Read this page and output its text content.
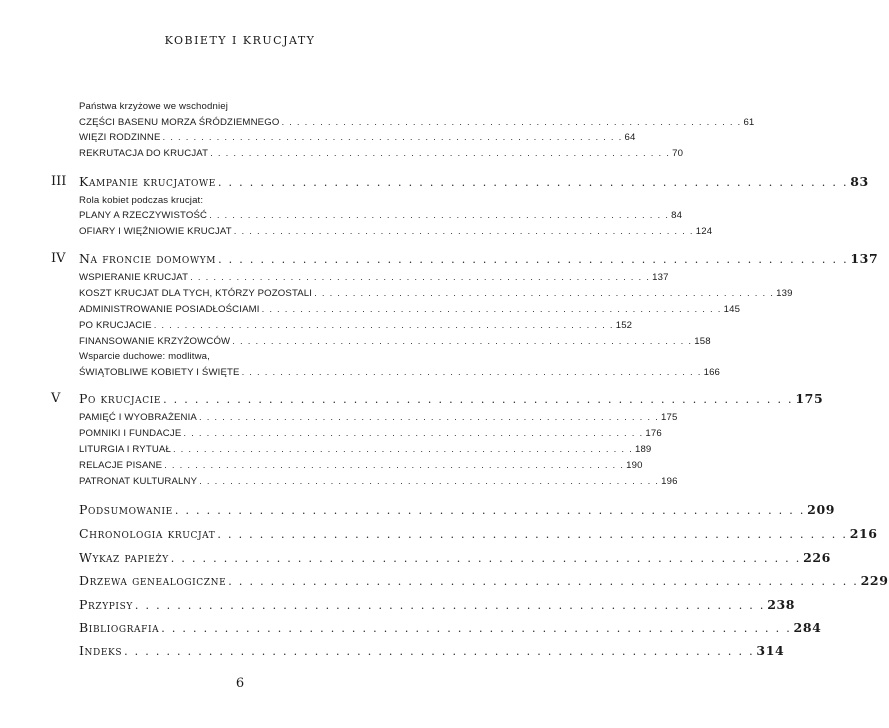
KOBIETY I KRUCJATY
Państwa krzyżowe we wschodniej
CZĘŚCI BASENU MORZA ŚRÓDZIEMNEGO . . . . . . . . . . . . . . . . . . . . . . . . . . . . . . . . . . . . . . . . . . . . . . . . . . . . . . . . . . . . 61
WIĘZI RODZINNE . . . . . . . . . . . . . . . . . . . . . . . . . . . . . . . . . . . . . . . . . . . . . . . . . . . . . . . . . . . . 64
REKRUTACJA DO KRUCJAT . . . . . . . . . . . . . . . . . . . . . . . . . . . . . . . . . . . . . . . . . . . . . . . . . . . . . . . . . . . . 70
III Kampanie krucjatowe . . . . . . . . . . . . . . . . . . . . . . . . . . . . . . . . . . . . . . . . . . . . . . . . . . . . . . . . . . . . 83
Rola kobiet podczas krucjat:
PLANY A RZECZYWISTOŚĆ . . . . . . . . . . . . . . . . . . . . . . . . . . . . . . . . . . . . . . . . . . . . . . . . . . . . . . . . . . . . 84
OFIARY I WIĘŹNIOWIE KRUCJAT . . . . . . . . . . . . . . . . . . . . . . . . . . . . . . . . . . . . . . . . . . . . . . . . . . . . . . . . . . . . 124
IV Na froncie domowym . . . . . . . . . . . . . . . . . . . . . . . . . . . . . . . . . . . . . . . . . . . . . . . . . . . . . . . . . . . . 137
WSPIERANIE KRUCJAT . . . . . . . . . . . . . . . . . . . . . . . . . . . . . . . . . . . . . . . . . . . . . . . . . . . . . . . . . . . . 137
KOSZT KRUCJAT DLA TYCH, KTÓRZY POZOSTALI . . . . . . . . . . . . . . . . . . . . . . . . . . . . . . . . . . . . . . . . . . . . . . . . . . . . . . . . . . . . 139
ADMINISTROWANIE POSIADŁOŚCIAMI . . . . . . . . . . . . . . . . . . . . . . . . . . . . . . . . . . . . . . . . . . . . . . . . . . . . . . . . . . . . 145
PO KRUCJACIE . . . . . . . . . . . . . . . . . . . . . . . . . . . . . . . . . . . . . . . . . . . . . . . . . . . . . . . . . . . . 152
FINANSOWANIE KRZYŻOWCÓW . . . . . . . . . . . . . . . . . . . . . . . . . . . . . . . . . . . . . . . . . . . . . . . . . . . . . . . . . . . . 158
Wsparcie duchowe: modlitwa,
ŚWIĄTOBLIWE KOBIETY I ŚWIĘTE . . . . . . . . . . . . . . . . . . . . . . . . . . . . . . . . . . . . . . . . . . . . . . . . . . . . . . . . . . . . 166
V Po krucjacie . . . . . . . . . . . . . . . . . . . . . . . . . . . . . . . . . . . . . . . . . . . . . . . . . . . . . . . . . . . . 175
PAMIĘĆ I WYOBRAŻENIA . . . . . . . . . . . . . . . . . . . . . . . . . . . . . . . . . . . . . . . . . . . . . . . . . . . . . . . . . . . . 175
POMNIKI I FUNDACJE . . . . . . . . . . . . . . . . . . . . . . . . . . . . . . . . . . . . . . . . . . . . . . . . . . . . . . . . . . . . 176
LITURGIA I RYTUAŁ . . . . . . . . . . . . . . . . . . . . . . . . . . . . . . . . . . . . . . . . . . . . . . . . . . . . . . . . . . . . 189
RELACJE PISANE . . . . . . . . . . . . . . . . . . . . . . . . . . . . . . . . . . . . . . . . . . . . . . . . . . . . . . . . . . . . 190
PATRONAT KULTURALNY . . . . . . . . . . . . . . . . . . . . . . . . . . . . . . . . . . . . . . . . . . . . . . . . . . . . . . . . . . . . 196
Podsumowanie . . . . . . . . . . . . . . . . . . . . . . . . . . . . . . . . . . . . . . . . . . . . . . . . . . . . . . . . . . . . 209
Chronologia krucjat . . . . . . . . . . . . . . . . . . . . . . . . . . . . . . . . . . . . . . . . . . . . . . . . . . . . . . . . . . . . 216
Wykaz papieży . . . . . . . . . . . . . . . . . . . . . . . . . . . . . . . . . . . . . . . . . . . . . . . . . . . . . . . . . . . . 226
Drzewa genealogiczne . . . . . . . . . . . . . . . . . . . . . . . . . . . . . . . . . . . . . . . . . . . . . . . . . . . . . . . . . . . . 229
Przypisy . . . . . . . . . . . . . . . . . . . . . . . . . . . . . . . . . . . . . . . . . . . . . . . . . . . . . . . . . . . . 238
Bibliografia . . . . . . . . . . . . . . . . . . . . . . . . . . . . . . . . . . . . . . . . . . . . . . . . . . . . . . . . . . . . 284
Indeks . . . . . . . . . . . . . . . . . . . . . . . . . . . . . . . . . . . . . . . . . . . . . . . . . . . . . . . . . . . . 314
6
